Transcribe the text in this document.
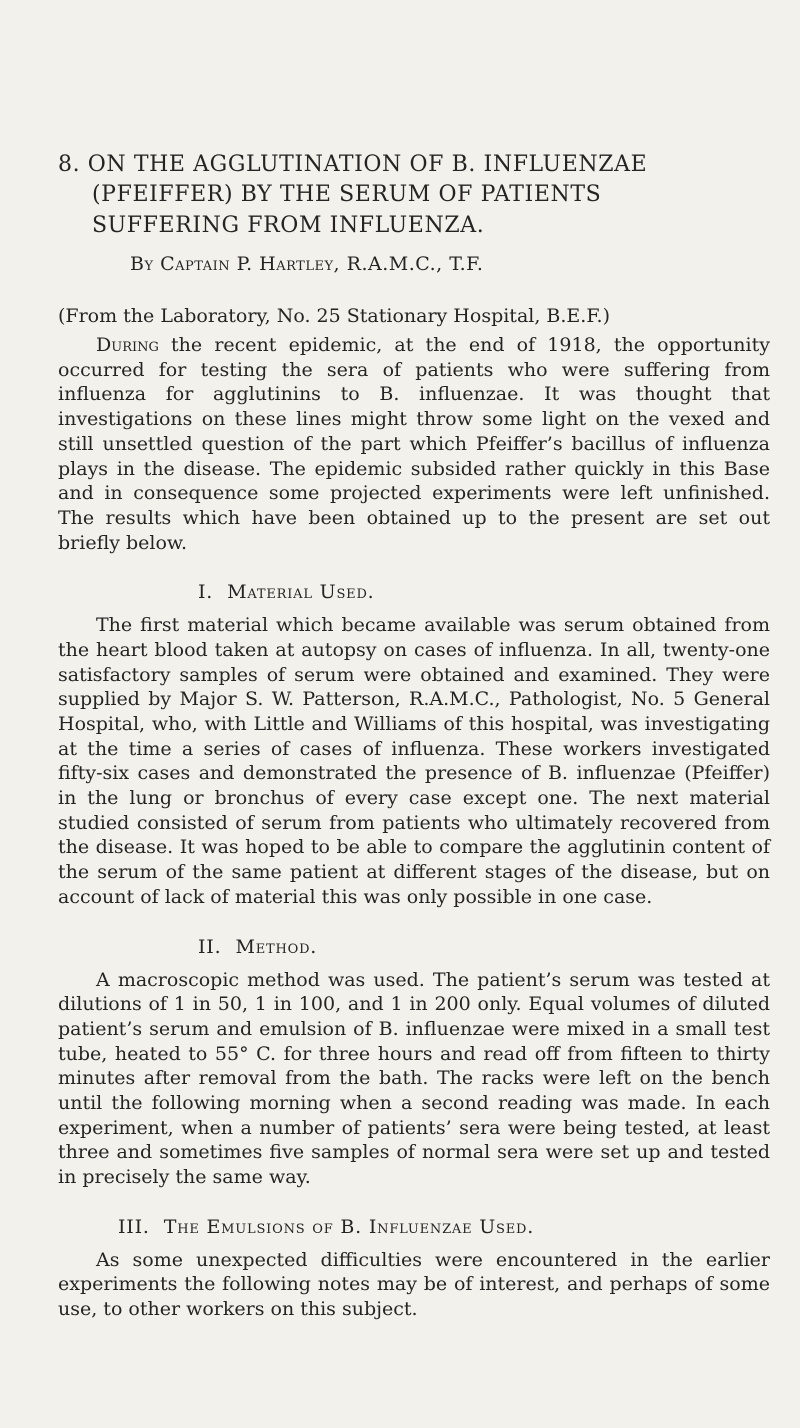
8. ON THE AGGLUTINATION OF B. INFLUENZAE
(PFEIFFER) BY THE SERUM OF PATIENTS
SUFFERING FROM INFLUENZA.
By Captain P. Hartley, R.A.M.C., T.F.
(From the Laboratory, No. 25 Stationary Hospital, B.E.F.)

During the recent epidemic, at the end of 1918, the opportunity occurred for testing the sera of patients who were suffering from influenza for agglutinins to B. influenzae. It was thought that investigations on these lines might throw some light on the vexed and still unsettled question of the part which Pfeiffer’s bacillus of influenza plays in the disease. The epidemic subsided rather quickly in this Base and in consequence some projected experiments were left unfinished. The results which have been obtained up to the present are set out briefly below.

I. Material Used.

The first material which became available was serum obtained from the heart blood taken at autopsy on cases of influenza. In all, twenty-one satisfactory samples of serum were obtained and examined. They were supplied by Major S. W. Patterson, R.A.M.C., Pathologist, No. 5 General Hospital, who, with Little and Williams of this hospital, was investigating at the time a series of cases of influenza. These workers investigated fifty-six cases and demonstrated the presence of B. influenzae (Pfeiffer) in the lung or bronchus of every case except one. The next material studied consisted of serum from patients who ultimately recovered from the disease. It was hoped to be able to compare the agglutinin content of the serum of the same patient at different stages of the disease, but on account of lack of material this was only possible in one case.

II. Method.

A macroscopic method was used. The patient’s serum was tested at dilutions of 1 in 50, 1 in 100, and 1 in 200 only. Equal volumes of diluted patient’s serum and emulsion of B. influenzae were mixed in a small test tube, heated to 55° C. for three hours and read off from fifteen to thirty minutes after removal from the bath. The racks were left on the bench until the following morning when a second reading was made. In each experiment, when a number of patients’ sera were being tested, at least three and sometimes five samples of normal sera were set up and tested in precisely the same way.

III. The Emulsions of B. Influenzae Used.

As some unexpected difficulties were encountered in the earlier experiments the following notes may be of interest, and perhaps of some use, to other workers on this subject.
